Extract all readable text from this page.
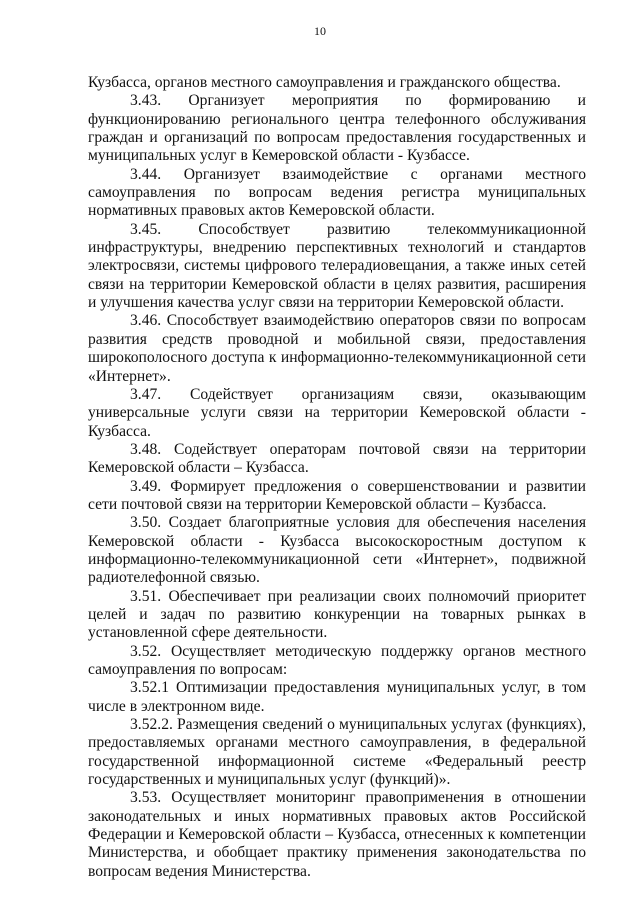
10

Кузбасса, органов местного самоуправления и гражданского общества.

3.43. Организует мероприятия по формированию и функционированию регионального центра телефонного обслуживания граждан и организаций по вопросам предоставления государственных и муниципальных услуг в Кемеровской области - Кузбассе.

3.44. Организует взаимодействие с органами местного самоуправления по вопросам ведения регистра муниципальных нормативных правовых актов Кемеровской области.

3.45. Способствует развитию телекоммуникационной инфраструктуры, внедрению перспективных технологий и стандартов электросвязи, системы цифрового телерадиовещания, а также иных сетей связи на территории Кемеровской области в целях развития, расширения и улучшения качества услуг связи на территории Кемеровской области.

3.46. Способствует взаимодействию операторов связи по вопросам развития средств проводной и мобильной связи, предоставления широкополосного доступа к информационно-телекоммуникационной сети «Интернет».

3.47. Содействует организациям связи, оказывающим универсальные услуги связи на территории Кемеровской области - Кузбасса.

3.48. Содействует операторам почтовой связи на территории Кемеровской области – Кузбасса.

3.49. Формирует предложения о совершенствовании и развитии сети почтовой связи на территории Кемеровской области – Кузбасса.

3.50. Создает благоприятные условия для обеспечения населения Кемеровской области - Кузбасса высокоскоростным доступом к информационно-телекоммуникационной сети «Интернет», подвижной радиотелефонной связью.

3.51. Обеспечивает при реализации своих полномочий приоритет целей и задач по развитию конкуренции на товарных рынках в установленной сфере деятельности.

3.52. Осуществляет методическую поддержку органов местного самоуправления по вопросам:

3.52.1 Оптимизации предоставления муниципальных услуг, в том числе в электронном виде.

3.52.2. Размещения сведений о муниципальных услугах (функциях), предоставляемых органами местного самоуправления, в федеральной государственной информационной системе «Федеральный реестр государственных и муниципальных услуг (функций)».

3.53. Осуществляет мониторинг правоприменения в отношении законодательных и иных нормативных правовых актов Российской Федерации и Кемеровской области – Кузбасса, отнесенных к компетенции Министерства, и обобщает практику применения законодательства по вопросам ведения Министерства.
